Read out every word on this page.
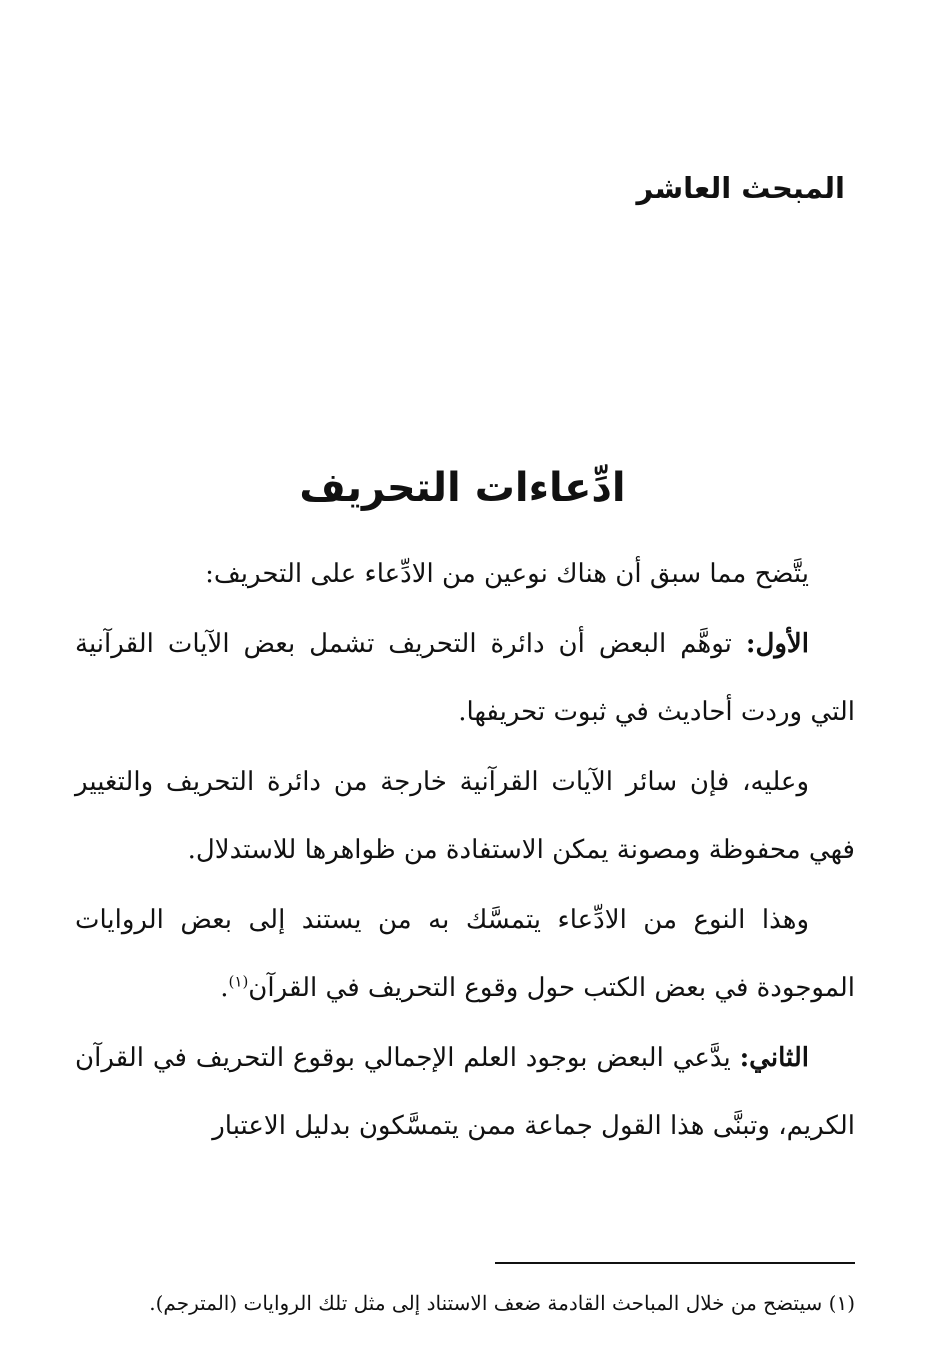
المبحث العاشر
ادِّعاءات التحريف

يتَّضح مما سبق أن هناك نوعين من الادِّعاء على التحريف:

الأول: توهَّم البعض أن دائرة التحريف تشمل بعض الآيات القرآنية التي وردت أحاديث في ثبوت تحريفها.

وعليه، فإن سائر الآيات القرآنية خارجة من دائرة التحريف والتغيير فهي محفوظة ومصونة يمكن الاستفادة من ظواهرها للاستدلال.

وهذا النوع من الادِّعاء يتمسَّك به من يستند إلى بعض الروايات الموجودة في بعض الكتب حول وقوع التحريف في القرآن$^{(١)}$.

الثاني: يدَّعي البعض بوجود العلم الإجمالي بوقوع التحريف في القرآن الكريم، وتبنَّى هذا القول جماعة ممن يتمسَّكون بدليل الاعتبار

(١) سيتضح من خلال المباحث القادمة ضعف الاستناد إلى مثل تلك الروايات (المترجم).
